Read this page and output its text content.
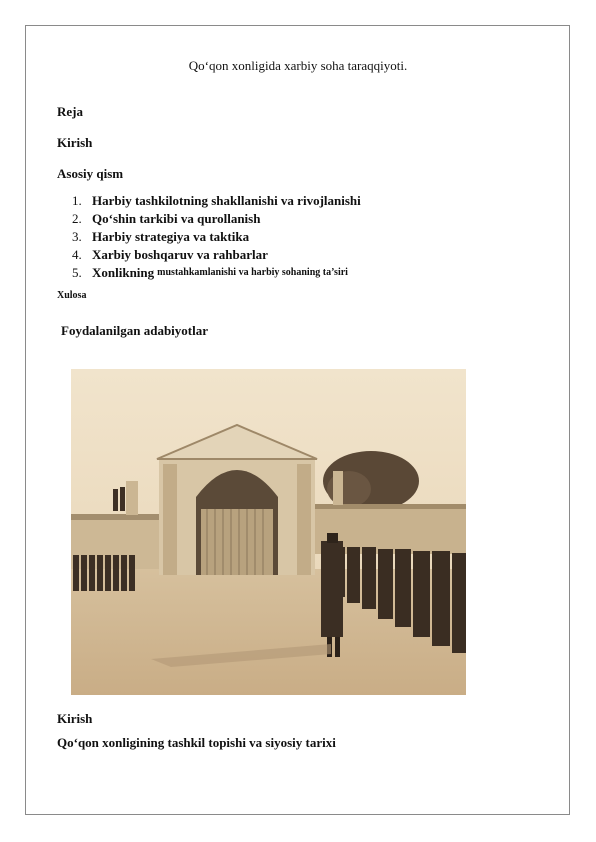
Qo‘qon xonligida xarbiy soha taraqqiyoti.
Reja
Kirish
Asosiy qism
1. Harbiy tashkilotning shakllanishi va rivojlanishi
2. Qo‘shin tarkibi va qurollanish
3. Harbiy strategiya va taktika
4. Xarbiy boshqaruv va rahbarlar
5. Xonlikning mustahkamlanishi va harbiy sohaning ta’siri
Xulosa
Foydalanilgan adabiyotlar
Kirish
Qo‘qon xonligining tashkil topishi va siyosiy tarixi
